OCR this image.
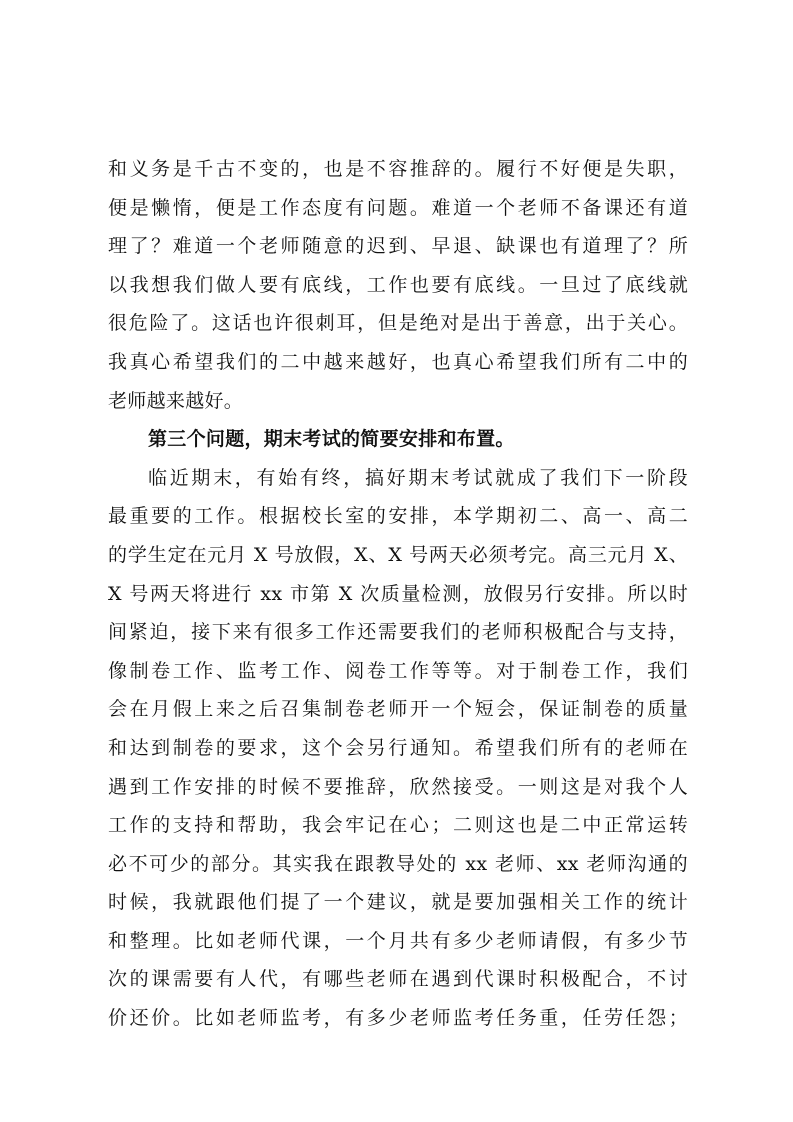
和义务是千古不变的，也是不容推辞的。履行不好便是失职，
便是懒惰，便是工作态度有问题。难道一个老师不备课还有道
理了？难道一个老师随意的迟到、早退、缺课也有道理了？所
以我想我们做人要有底线，工作也要有底线。一旦过了底线就
很危险了。这话也许很刺耳，但是绝对是出于善意，出于关心。
我真心希望我们的二中越来越好，也真心希望我们所有二中的
老师越来越好。
第三个问题，期末考试的简要安排和布置。
临近期末，有始有终，搞好期末考试就成了我们下一阶段
最重要的工作。根据校长室的安排，本学期初二、高一、高二
的学生定在元月 X 号放假，X、X 号两天必须考完。高三元月 X、
X 号两天将进行 xx 市第 X 次质量检测，放假另行安排。所以时
间紧迫，接下来有很多工作还需要我们的老师积极配合与支持，
像制卷工作、监考工作、阅卷工作等等。对于制卷工作，我们
会在月假上来之后召集制卷老师开一个短会，保证制卷的质量
和达到制卷的要求，这个会另行通知。希望我们所有的老师在
遇到工作安排的时候不要推辞，欣然接受。一则这是对我个人
工作的支持和帮助，我会牢记在心；二则这也是二中正常运转
必不可少的部分。其实我在跟教导处的 xx 老师、xx 老师沟通的
时候，我就跟他们提了一个建议，就是要加强相关工作的统计
和整理。比如老师代课，一个月共有多少老师请假，有多少节
次的课需要有人代，有哪些老师在遇到代课时积极配合，不讨
价还价。比如老师监考，有多少老师监考任务重，任劳任怨；
